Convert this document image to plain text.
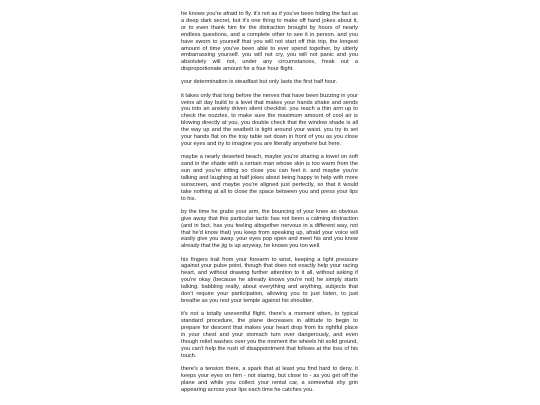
he knows you're afraid to fly. it's not as if you've been hiding the fact as a deep dark secret, but it's one thing to make off hand jokes about it, or to even thank him for the distraction brought by hours of nearly endless questions, and a complete other to see it in person. and you have sworn to yourself that you will not start off this trip, the longest amount of time you've been able to ever spend together, by utterly embarrassing yourself. you will not cry, you will not panic and you absolutely will not, under any circumstances, freak out a disproportionate amount for a four hour flight.

your determination is steadfast but only lasts the first half hour.

it takes only that long before the nerves that have been buzzing in your veins all day build to a level that makes your hands shake and sends you into an anxiety driven silent checklist. you reach a thin arm up to check the nozzles, to make sure the maximum amount of cool air is blowing directly at you, you double check that the window shade is all the way up and the seatbelt is tight around your waist. you try to set your hands flat on the tray table set down in front of you as you close your eyes and try to imagine you are literally anywhere but here.

maybe a nearly deserted beach, maybe you're sharing a towel on soft sand in the shade with a certain man whose skin is too warm from the sun and you're sitting so close you can feel it. and maybe you're talking and laughing at half jokes about being happy to help with more sunscreen, and maybe you're aligned just perfectly, so that it would take nothing at all to close the space between you and press your lips to his.

by the time he grabs your arm, the bouncing of your knee an obvious give away that this particular tactic has not been a calming distraction (and in fact, has you feeling altogether nervous in a different way, not that he'd know that) you keep from speaking up, afraid your voice will easily give you away. your eyes pop open and meet his and you know already that the jig is up anyway, he knows you too well.

his fingers trail from your forearm to wrist, keeping a light pressure against your pulse point, though that does not exactly help your racing heart, and without drawing further attention to it all, without asking if you're okay (because he already knows you're not) he simply starts talking. babbling really, about everything and anything, subjects that don't require your participation, allowing you to just listen, to just breathe as you rest your temple against his shoulder.

it's not a totally uneventful flight. there's a moment when, in typical standard procedure, the plane decreases in altitude to begin to prepare for descent that makes your heart drop from its rightful place in your chest and your stomach turn over dangerously, and even though relief washes over you the moment the wheels hit solid ground, you can't help the rush of disappointment that follows at the loss of his touch.

there's a tension there, a spark that at least you find hard to deny. it keeps your eyes on him - not staring, but close to - as you get off the plane and while you collect your rental car, a somewhat shy grin appearing across your lips each time he catches you.
